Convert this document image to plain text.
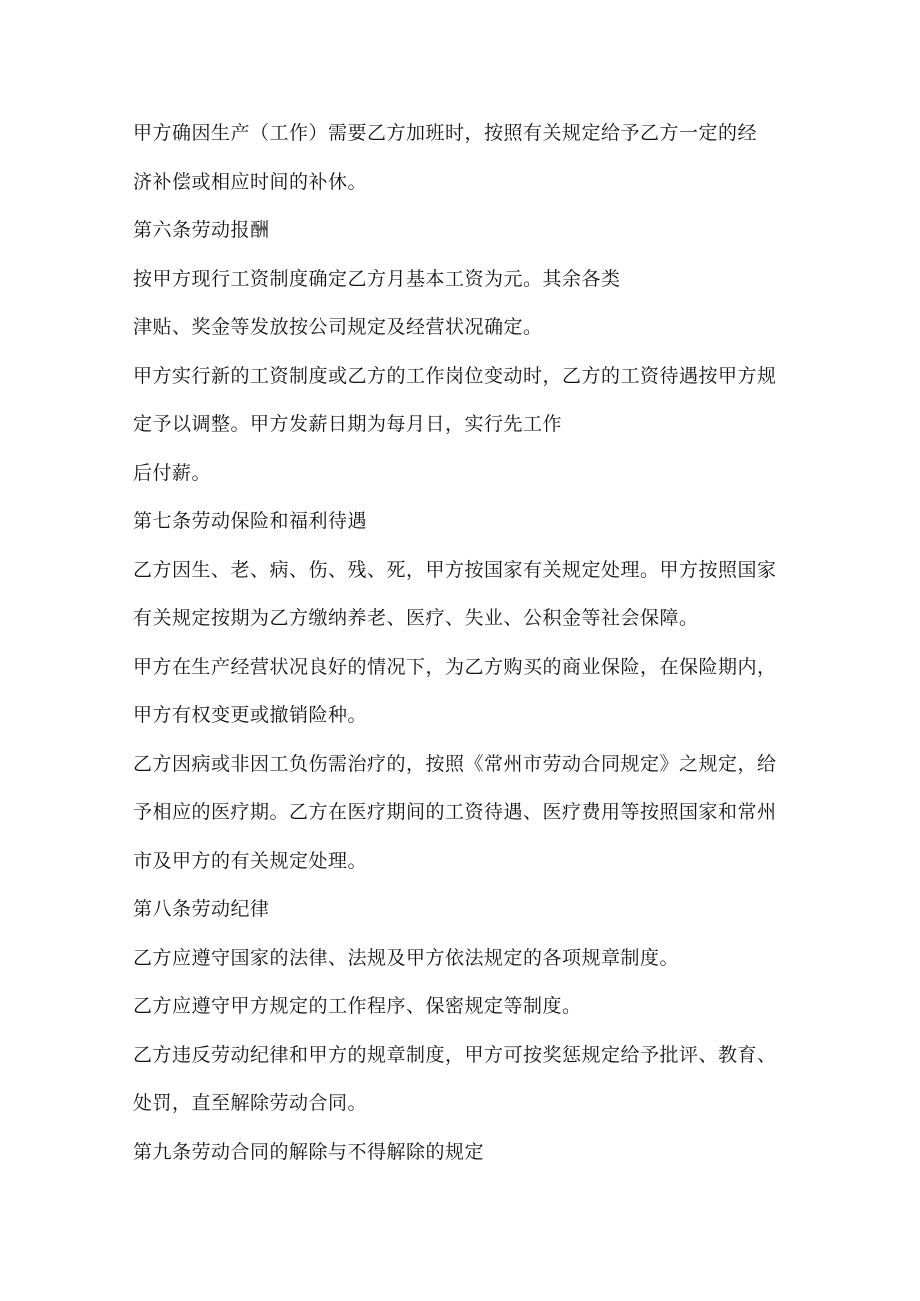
甲方确因生产（工作）需要乙方加班时，按照有关规定给予乙方一定的经
济补偿或相应时间的补休。
第六条劳动报酬
按甲方现行工资制度确定乙方月基本工资为元。其余各类
津贴、奖金等发放按公司规定及经营状况确定。
甲方实行新的工资制度或乙方的工作岗位变动时，乙方的工资待遇按甲方规
定予以调整。甲方发薪日期为每月日，实行先工作
后付薪。
第七条劳动保险和福利待遇
乙方因生、老、病、伤、残、死，甲方按国家有关规定处理。甲方按照国家
有关规定按期为乙方缴纳养老、医疗、失业、公积金等社会保障。
甲方在生产经营状况良好的情况下，为乙方购买的商业保险，在保险期内，
甲方有权变更或撤销险种。
乙方因病或非因工负伤需治疗的，按照《常州市劳动合同规定》之规定，给
予相应的医疗期。乙方在医疗期间的工资待遇、医疗费用等按照国家和常州
市及甲方的有关规定处理。
第八条劳动纪律
乙方应遵守国家的法律、法规及甲方依法规定的各项规章制度。
乙方应遵守甲方规定的工作程序、保密规定等制度。
乙方违反劳动纪律和甲方的规章制度，甲方可按奖惩规定给予批评、教育、
处罚，直至解除劳动合同。
第九条劳动合同的解除与不得解除的规定
